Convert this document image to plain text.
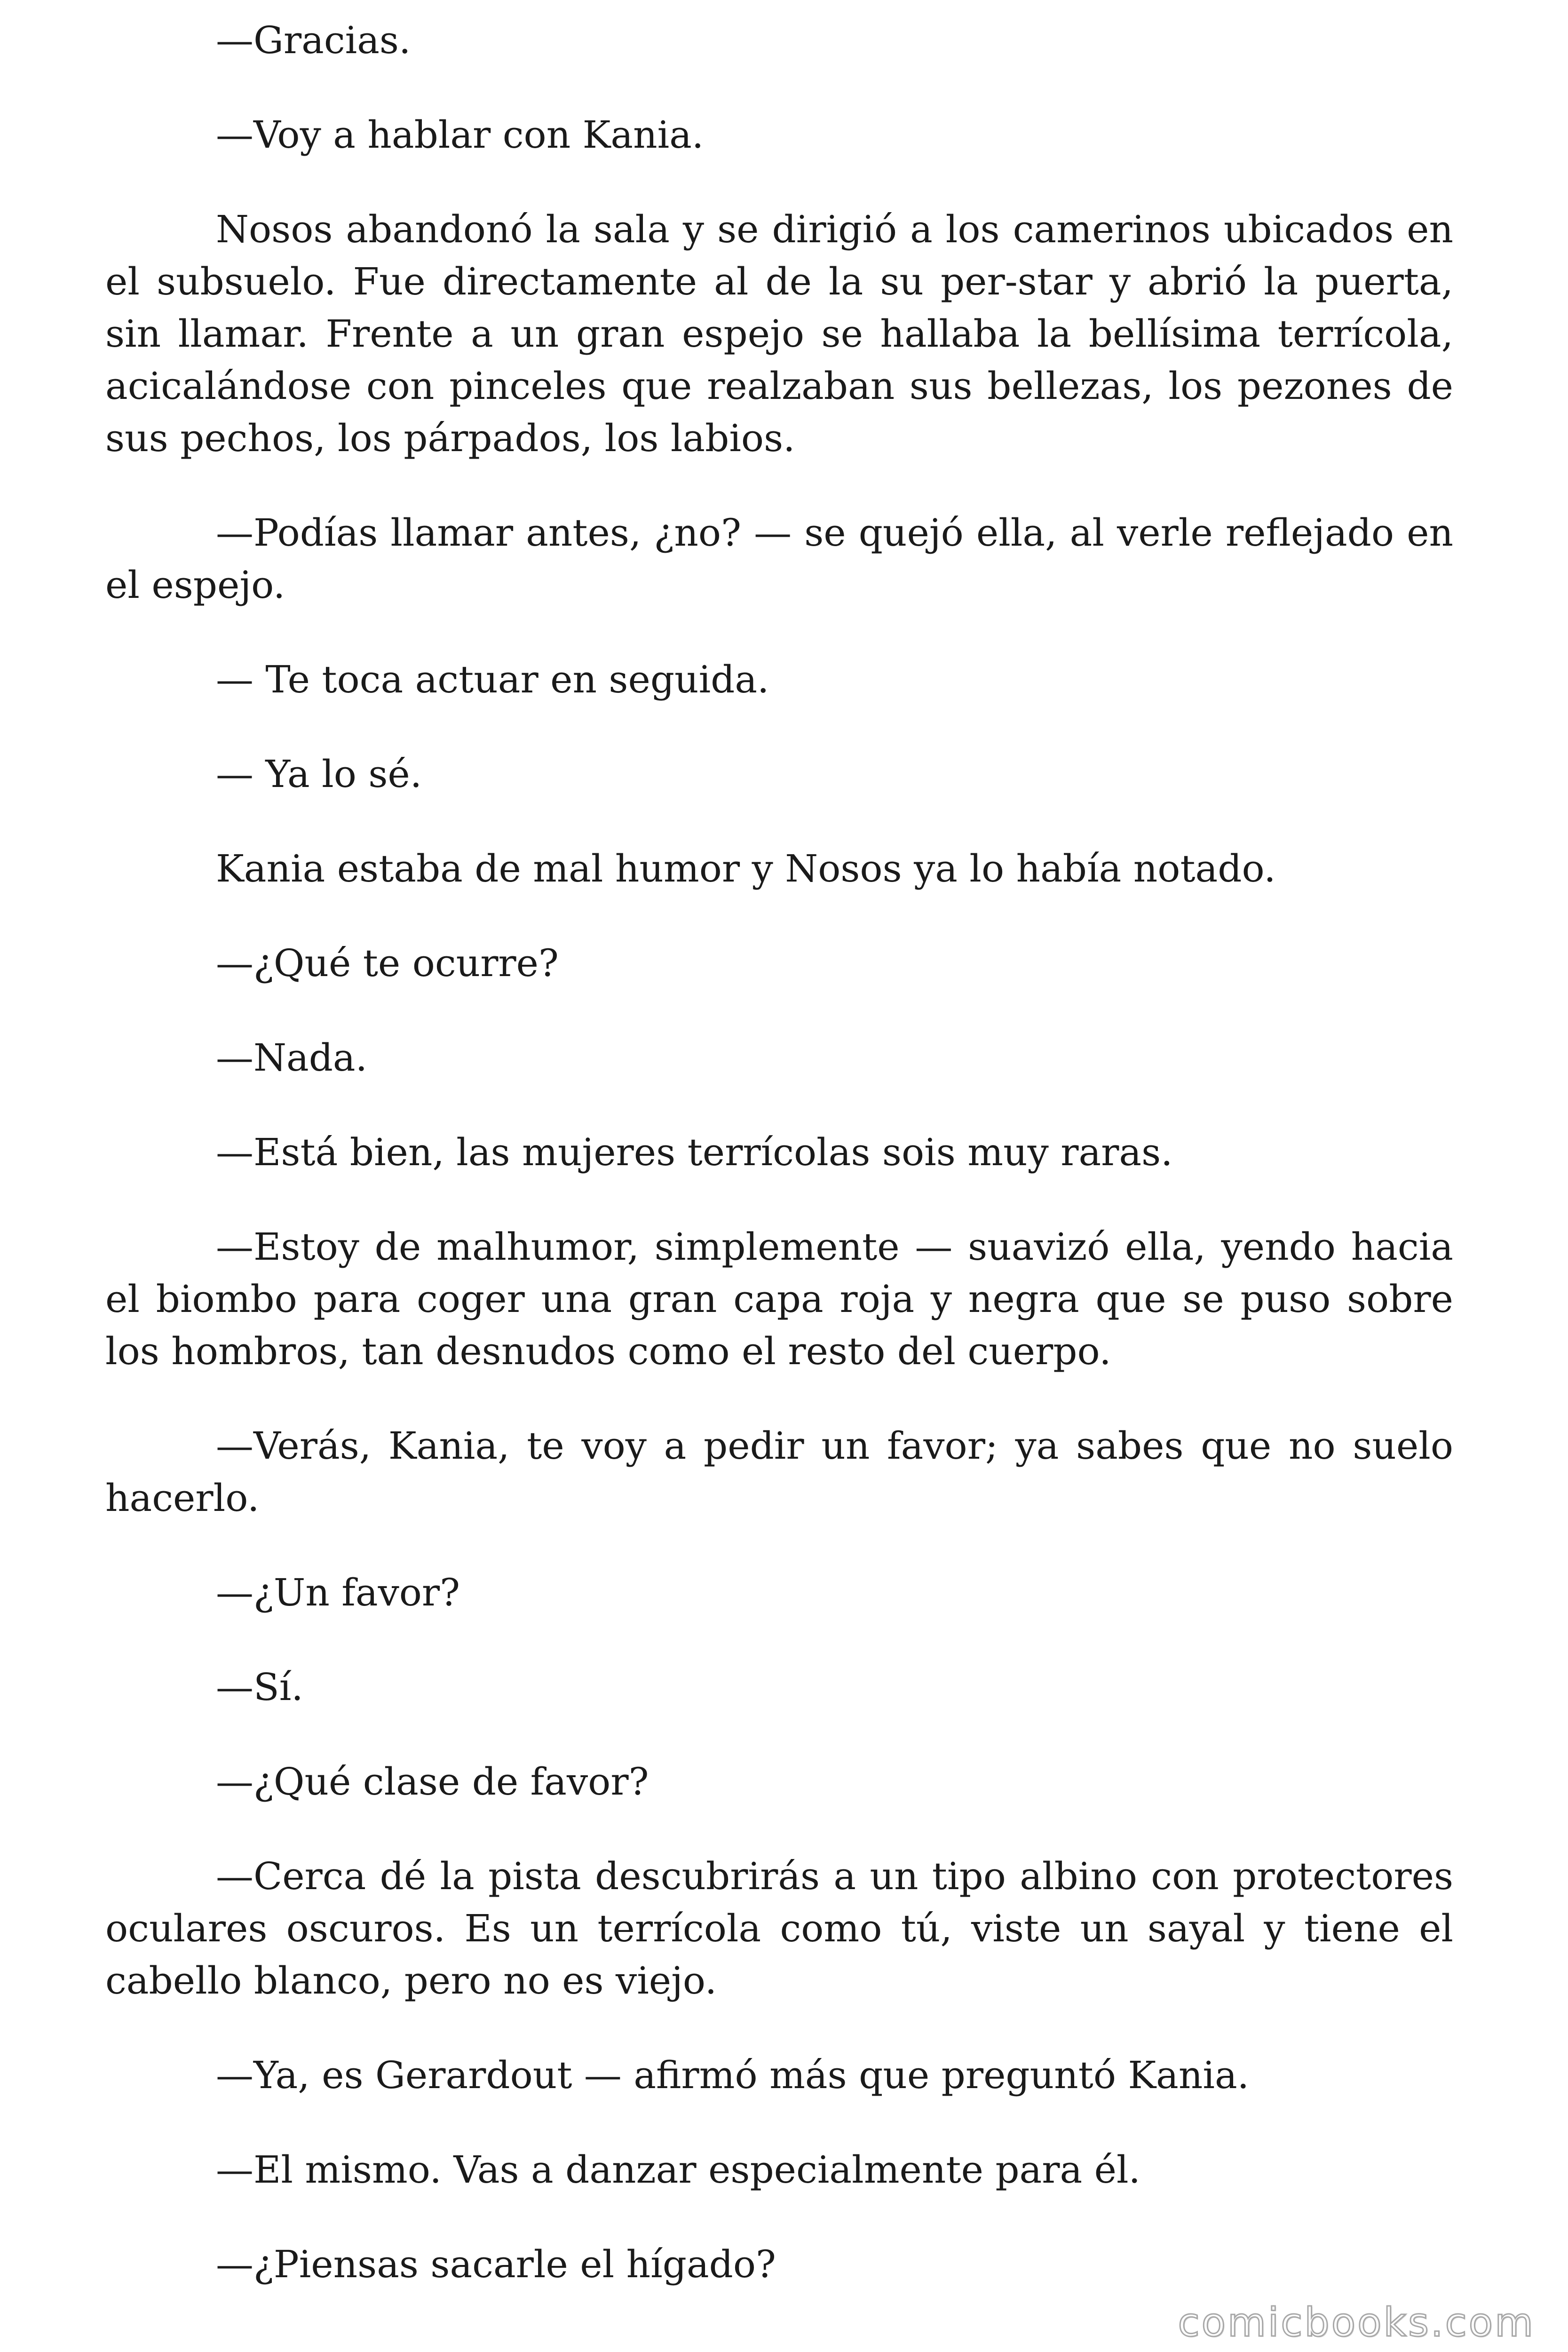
—Gracias.

—Voy a hablar con Kania.

Nosos abandonó la sala y se dirigió a los camerinos ubicados en el subsuelo. Fue directamente al de la su per-star y abrió la puerta, sin llamar. Frente a un gran espejo se hallaba la bellísima terrícola, acicalándose con pinceles que realzaban sus bellezas, los pezones de sus pechos, los párpados, los labios.

—Podías llamar antes, ¿no? — se quejó ella, al verle reflejado en el espejo.

— Te toca actuar en seguida.

— Ya lo sé.

Kania estaba de mal humor y Nosos ya lo había notado.

—¿Qué te ocurre?

—Nada.

—Está bien, las mujeres terrícolas sois muy raras.

—Estoy de malhumor, simplemente — suavizó ella, yendo hacia el biombo para coger una gran capa roja y negra que se puso sobre los hombros, tan desnudos como el resto del cuerpo.

—Verás, Kania, te voy a pedir un favor; ya sabes que no suelo hacerlo.

—¿Un favor?

—Sí.

—¿Qué clase de favor?

—Cerca dé la pista descubrirás a un tipo albino con protectores oculares oscuros. Es un terrícola como tú, viste un sayal y tiene el cabello blanco, pero no es viejo.

—Ya, es Gerardout — afirmó más que preguntó Kania.

—El mismo. Vas a danzar especialmente para él.

—¿Piensas sacarle el hígado?

comicbooks.com
